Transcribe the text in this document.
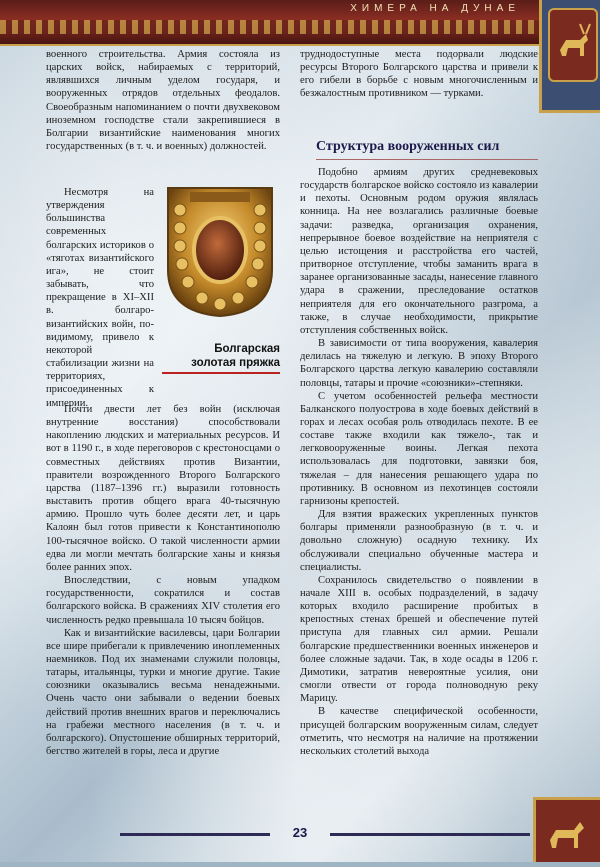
ХИМЕРА НА ДУНАЕ

военного строительства. Армия состояла из царских войск, набираемых с территорий, являвшихся личным уделом государя, и вооруженных отрядов отдельных феодалов. Своеобразным напоминанием о почти двухвековом иноземном господстве стали закрепившиеся в Болгарии византийские наименования многих государственных (в т. ч. и военных) должностей.

Несмотря на утверждения большинства современных болгарских историков о «тяготах византийского ига», не стоит забывать, что прекращение в XI–XII в. болгаро-византийских войн, по-видимому, привело к некоторой стабилизации жизни на территориях, присоединенных к империи.

Болгарская
золотая пряжка

Почти двести лет без войн (исключая внутренние восстания) способствовали накоплению людских и материальных ресурсов. И вот в 1190 г., в ходе переговоров с крестоносцами о совместных действиях против Византии, правители возрожденного Второго Болгарского царства (1187–1396 гг.) выразили готовность выставить против общего врага 40-тысячную армию. Прошло чуть более десяти лет, и царь Калоян был готов привести к Константинополю 100-тысячное войско. О такой численности армии едва ли могли мечтать болгарские ханы и князья более ранних эпох.

Впоследствии, с новым упадком государственности, сократился и состав болгарского войска. В сражениях XIV столетия его численность редко превышала 10 тысяч бойцов.

Как и византийские василевсы, цари Болгарии все шире прибегали к привлечению иноплеменных наемников. Под их знаменами служили половцы, татары, итальянцы, турки и многие другие. Такие союзники оказывались весьма ненадежными. Очень часто они забывали о ведении боевых действий против внешних врагов и переключались на грабежи местного населения (в т. ч. и болгарского). Опустошение обширных территорий, бегство жителей в горы, леса и другие

труднодоступные места подорвали людские ресурсы Второго Болгарского царства и привели к его гибели в борьбе с новым многочисленным и безжалостным противником — турками.

Структура вооруженных сил

Подобно армиям других средневековых государств болгарское войско состояло из кавалерии и пехоты. Основным родом оружия являлась конница. На нее возлагались различные боевые задачи: разведка, организация охранения, непрерывное боевое воздействие на неприятеля с целью истощения и расстройства его частей, притворное отступление, чтобы заманить врага в заранее организованные засады, нанесение главного удара в сражении, преследование остатков неприятеля для его окончательного разгрома, а также, в случае необходимости, прикрытие отступления собственных войск.

В зависимости от типа вооружения, кавалерия делилась на тяжелую и легкую. В эпоху Второго Болгарского царства легкую кавалерию составляли половцы, татары и прочие «союзники»-степняки.

С учетом особенностей рельефа местности Балканского полуострова в ходе боевых действий в горах и лесах особая роль отводилась пехоте. В ее составе также входили как тяжело-, так и легковооруженные воины. Легкая пехота использовалась для подготовки, завязки боя, тяжелая – для нанесения решающего удара по противнику. В основном из пехотинцев состояли гарнизоны крепостей.

Для взятия вражеских укрепленных пунктов болгары применяли разнообразную (в т. ч. и довольно сложную) осадную технику. Их обслуживали специально обученные мастера и специалисты.

Сохранилось свидетельство о появлении в начале XIII в. особых подразделений, в задачу которых входило расширение пробитых в крепостных стенах брешей и обеспечение путей приступа для главных сил армии. Решали болгарские предшественники военных инженеров и более сложные задачи. Так, в ходе осады в 1206 г. Димотики, затратив невероятные усилия, они смогли отвести от города полноводную реку Марицу.

В качестве специфической особенности, присущей болгарским вооруженным силам, следует отметить, что несмотря на наличие на протяжении нескольких столетий выхода

23
